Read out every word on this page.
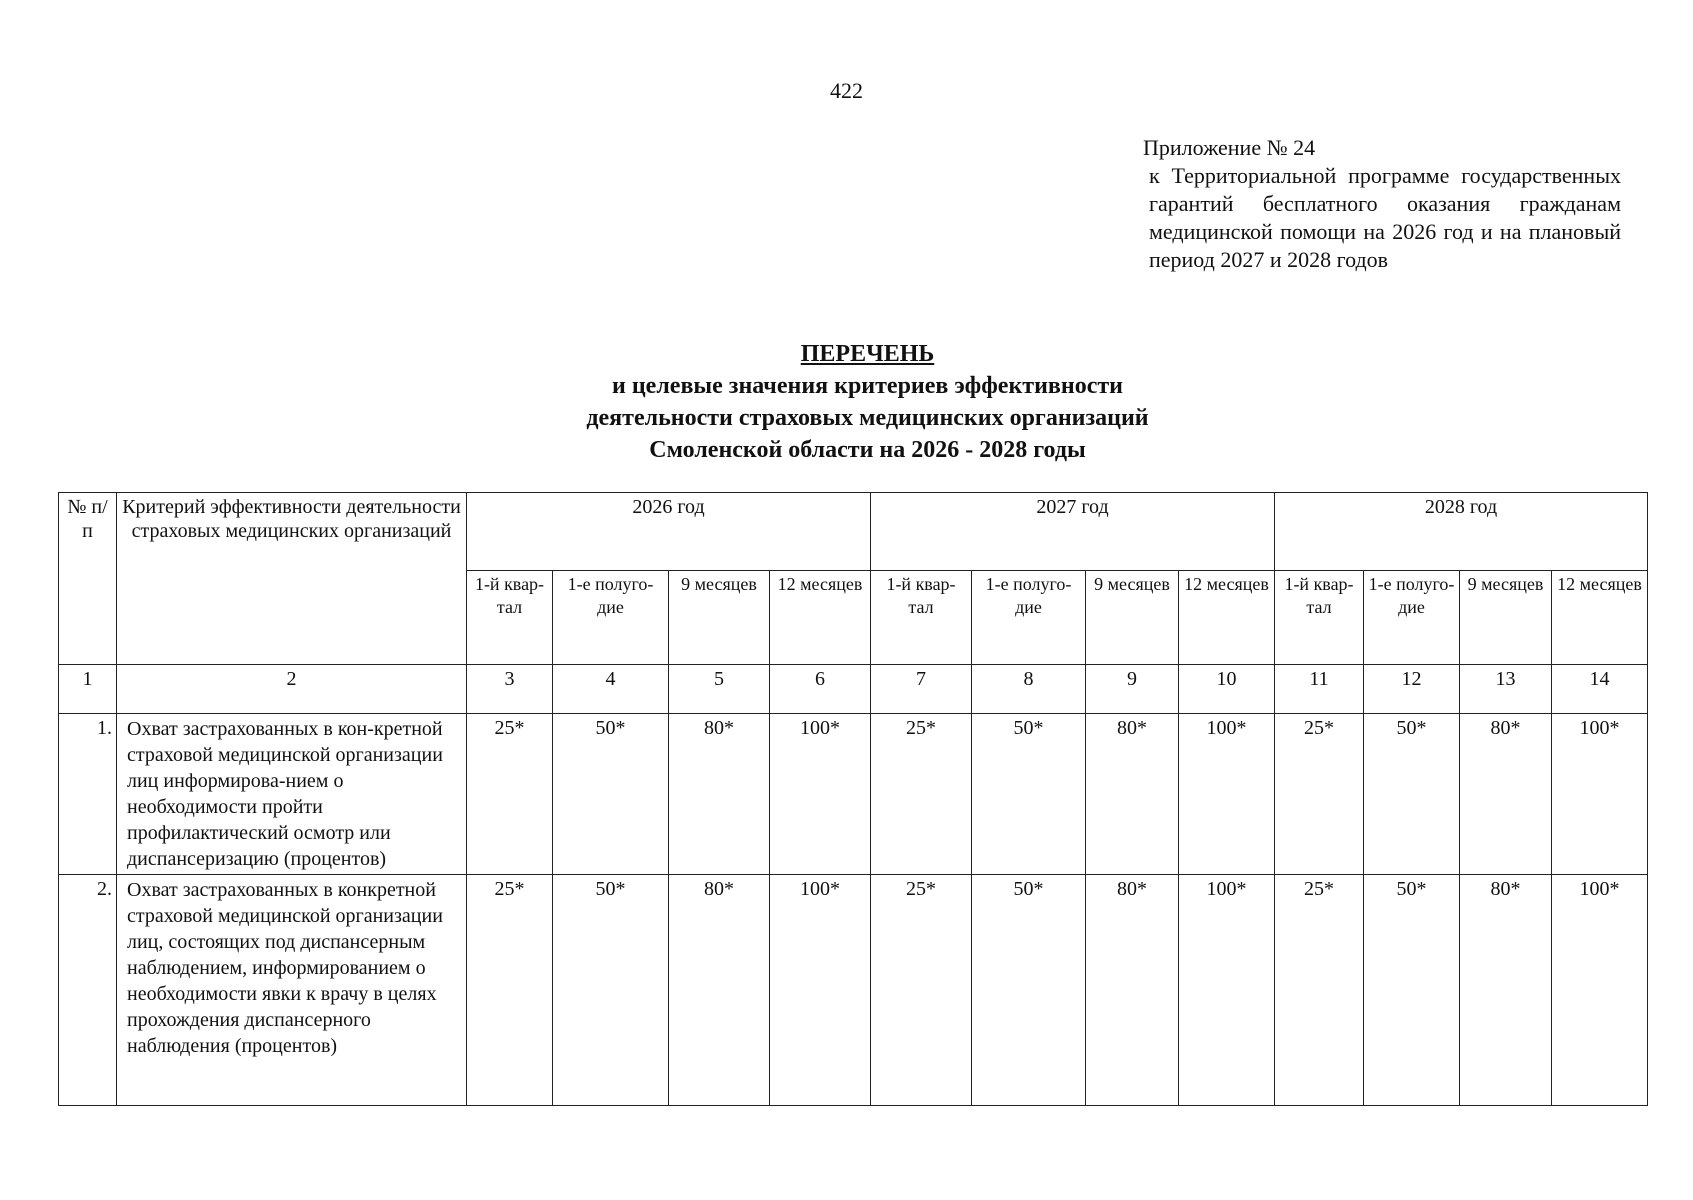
422
Приложение № 24
к Территориальной программе государственных гарантий бесплатного оказания гражданам медицинской помощи на 2026 год и на плановый период 2027 и 2028 годов
ПЕРЕЧЕНЬ
и целевые значения критериев эффективности
деятельности страховых медицинских организаций
Смоленской области на 2026 - 2028 годы
№ п/п	Критерий эффективности деятельности страховых медицинских организаций	2026 год				2027 год				2028 год			
		1-й квар-тал	1-е полуго-дие	9 месяцев	12 месяцев	1-й квар-тал	1-е полуго-дие	9 месяцев	12 месяцев	1-й квар-тал	1-е полуго-дие	9 месяцев	12 месяцев
1	2	3	4	5	6	7	8	9	10	11	12	13	14
1.	Охват застрахованных в кон-кретной страховой медицинской организации лиц информирова-нием о необходимости пройти профилактический осмотр или диспансеризацию (процентов)	25*	50*	80*	100*	25*	50*	80*	100*	25*	50*	80*	100*
2.	Охват застрахованных в конкретной страховой медицинской организации лиц, состоящих под диспансерным наблюдением, информированием о необходимости явки к врачу в целях прохождения диспансерного наблюдения (процентов)	25*	50*	80*	100*	25*	50*	80*	100*	25*	50*	80*	100*
